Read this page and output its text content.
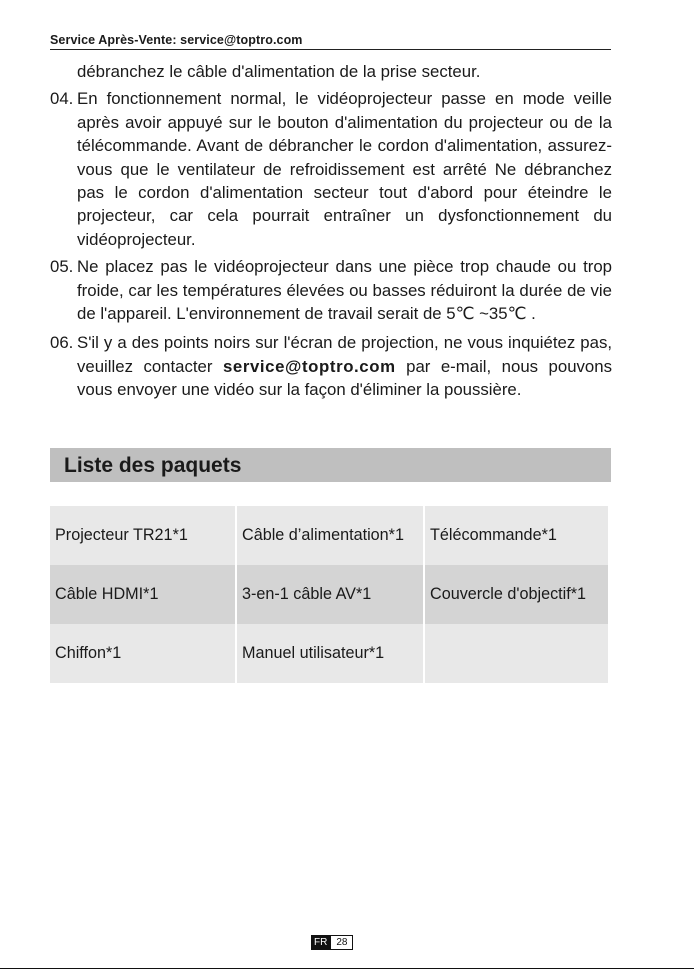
Service Après-Vente: service@toptro.com
débranchez le câble d'alimentation de la prise secteur.
04. En fonctionnement normal, le vidéoprojecteur passe en mode veille après avoir appuyé sur le bouton d'alimentation du projecteur ou de la télécommande. Avant de débrancher le cordon d'alimentation, assurez-vous que le ventilateur de refroidissement est arrêté Ne débranchez pas le cordon d'alimentation secteur tout d'abord pour éteindre le projecteur, car cela pourrait entraîner un dysfonctionnement du vidéoprojecteur.
05. Ne placez pas le vidéoprojecteur dans une pièce trop chaude ou trop froide, car les températures élevées ou basses réduiront la durée de vie de l'appareil. L'environnement de travail serait de 5℃ ~35℃ .
06. S'il y a des points noirs sur l'écran de projection, ne vous inquiétez pas, veuillez contacter service@toptro.com par e-mail, nous pouvons vous envoyer une vidéo sur la façon d'éliminer la poussière.
Liste des paquets
Projecteur TR21*1	Câble d’alimentation*1	Télécommande*1
Câble HDMI*1	3-en-1 câble AV*1	Couvercle d'objectif*1
Chiffon*1	Manuel utilisateur*1	
FR 28
